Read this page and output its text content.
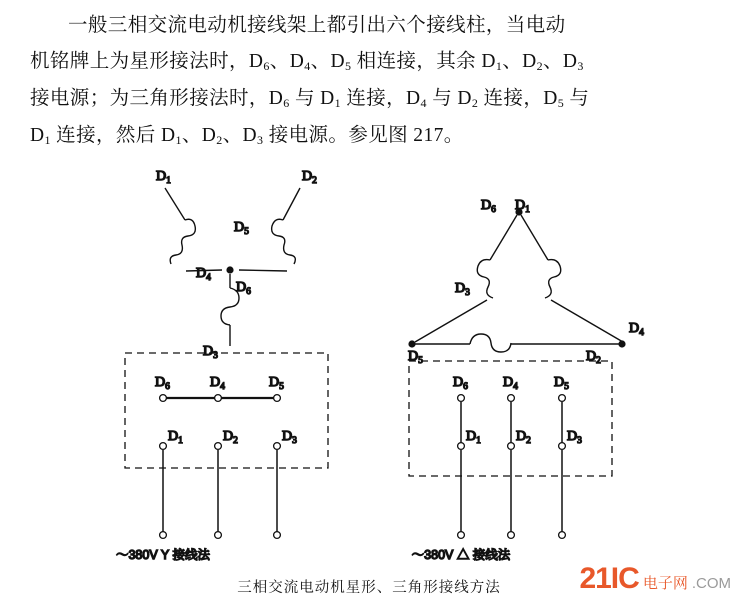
一般三相交流电动机接线架上都引出六个接线柱，当电动
机铭牌上为星形接法时，$D_6$、$D_4$、$D_5$ 相连接，其余 $D_1$、$D_2$、$D_3$
接电源；为三角形接法时，$D_6$ 与 $D_1$ 连接，$D_4$ 与 $D_2$ 连接，$D_5$ 与
$D_1$ 连接，然后 $D_1$、$D_2$、$D_3$ 接电源。参见图 217。
$D_1$	$D_2$
$D_5$
$D_4$
$D_6$
$D_3$
$D_6$	$D_4$	$D_5$
$D_1$	$D_2$	$D_3$
～380V Y 接线法
$D_6$ $D_1$
$D_3$
$D_4$
$D_5$	$D_2$
$D_6$	$D_4$	$D_5$
$D_1$	$D_2$	$D_3$
～380V △ 接线法
三相交流电动机星形、三角形接线方法	21IC 电子网 .COM
